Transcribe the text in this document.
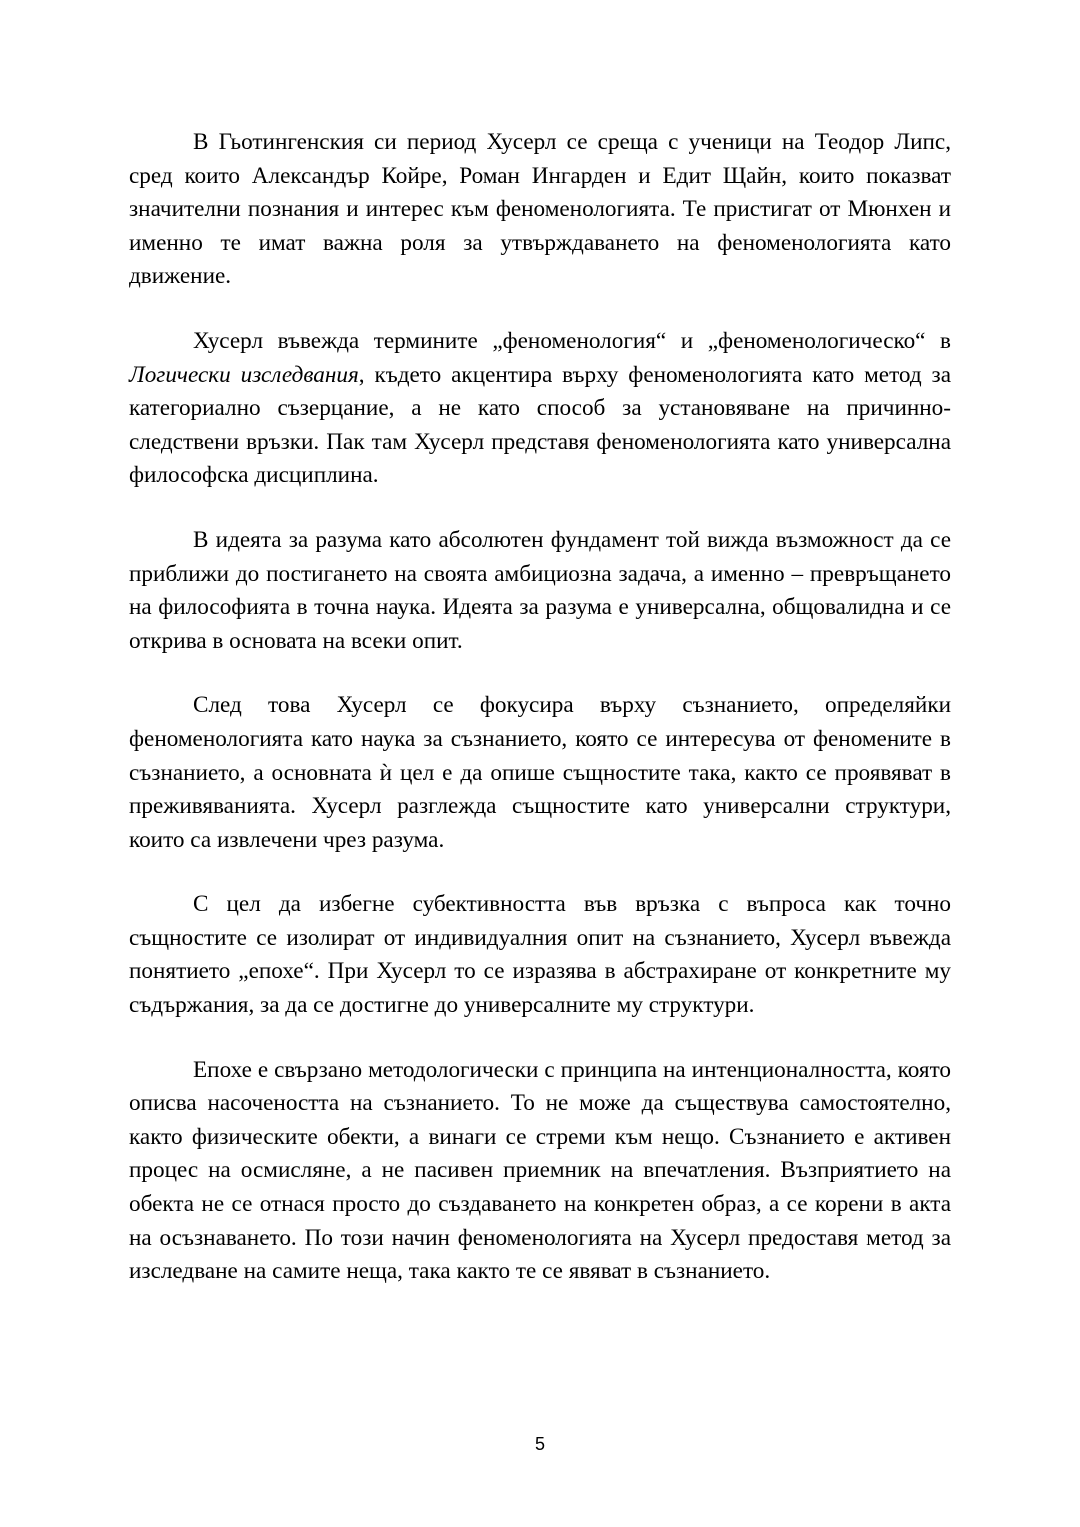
В Гьотингенския си период Хусерл се среща с ученици на Теодор Липс, сред които Александър Койре, Роман Ингарден и Едит Щайн, които показват значителни познания и интерес към феноменологията. Те пристигат от Мюнхен и именно те имат важна роля за утвърждаването на феноменологията като движение.

Хусерл въвежда термините „феноменология“ и „феноменологическо“ в Логически изследвания, където акцентира върху феноменологията като метод за категориално съзерцание, а не като способ за установяване на причинно-следствени връзки. Пак там Хусерл представя феноменологията като универсална философска дисциплина.

В идеята за разума като абсолютен фундамент той вижда възможност да се приближи до постигането на своята амбициозна задача, а именно – превръщането на философията в точна наука. Идеята за разума е универсална, общовалидна и се открива в основата на всеки опит.

След това Хусерл се фокусира върху съзнанието, определяйки феноменологията като наука за съзнанието, която се интересува от феномените в съзнанието, а основната ѝ цел е да опише същностите така, както се проявяват в преживяванията. Хусерл разглежда същностите като универсални структури, които са извлечени чрез разума.

С цел да избегне субективността във връзка с въпроса как точно същностите се изолират от индивидуалния опит на съзнанието, Хусерл въвежда понятието „епохе“. При Хусерл то се изразява в абстрахиране от конкретните му съдържания, за да се достигне до универсалните му структури.

Епохе е свързано методологически с принципа на интенционалността, която описва насочеността на съзнанието. То не може да съществува самостоятелно, както физическите обекти, а винаги се стреми към нещо. Съзнанието е активен процес на осмисляне, а не пасивен приемник на впечатления. Възприятието на обекта не се отнася просто до създаването на конкретен образ, а се корени в акта на осъзнаването. По този начин феноменологията на Хусерл предоставя метод за изследване на самите неща, така както те се явяват в съзнанието.

5
